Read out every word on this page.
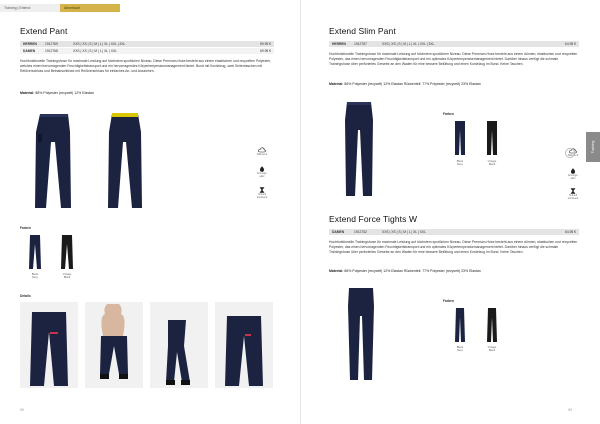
Training | Extend	Abverkauf
Extend Pant
HERREN	1912769	XXS | XS | S | M | L | XL | XXL | 3XL	59.95 €
DAMEN	1912768	XXS | XS | S | M | L | XL | XXL	69.95 €
Hochfunktionelle Trainingshose für maximale Leistung auf höchstem sportlichen Niveau. Diese Premium-Hose besteht aus einem elastischen und recycelten Polyester, welches einen hervorragenden Feuchtigkeitstransport und ein hervorragendes Körpertemperaturmanagement bietet. Bund mit Kordelzug, zwei Seitentaschen mit Reißverschluss und Beinabschlüsse mit Reißverschluss für einfaches An- und Ausziehen.
Material: 88% Polyester (recycelt) 12% Elastan
Wärmend
Atmungs-
aktiv
Schnell
trocknend
Farben
Blaze
Navy
Vintage
Black
Details
90
Extend Slim Pant
HERREN	1912787	XXS | XS | S | M | L | XL | XXL | 3XL	64.95 €
Hochfunktionelle Trainingshose für maximale Leistung auf höchstem sportlichen Niveau. Diese Premium-Hose besteht aus einem dünnen, elastischen und recycelten Polyester, das einen hervorragenden Feuchtigkeitstransport und ein optimales Körpertemperaturmanagement bietet. Darüber hinaus verfügt die schmale Trainingshose über perforiertes Gewebe an den Waden für eine bessere Belüftung und einen Kordelzug im Bund. Keine Taschen.
Material: 86% Polyester (recycelt) 12% Elastan Rückenteil: 77% Polyester (recycelt) 23% Elastan
Farben
Blaze
Navy
Vintage
Black
Wärmend
Atmungs-
aktiv
Schnell
trocknend
Extend Force Tights W
DAMEN	1912752	XXS | XS | S | M | L | XL | XXL	64.95 €
Hochfunktionelle Trainingshose für maximale Leistung auf höchstem sportlichen Niveau. Diese Premium-Hose besteht aus einem dünnen, elastischen und recycelten Polyester, das einen hervorragenden Feuchtigkeitstransport und ein optimales Körpertemperaturmanagement bietet. Darüber hinaus verfügt die schmale Trainingshose über perforiertes Gewebe an den Waden für eine bessere Belüftung und einen Kordelzug im Bund. Keine Taschen.
Material: 86% Polyester (recycelt) 12% Elastan Rückenteil: 77% Polyester (recycelt) 23% Elastan
Farben
Blaze
Navy
Vintage
Black
93
Training
